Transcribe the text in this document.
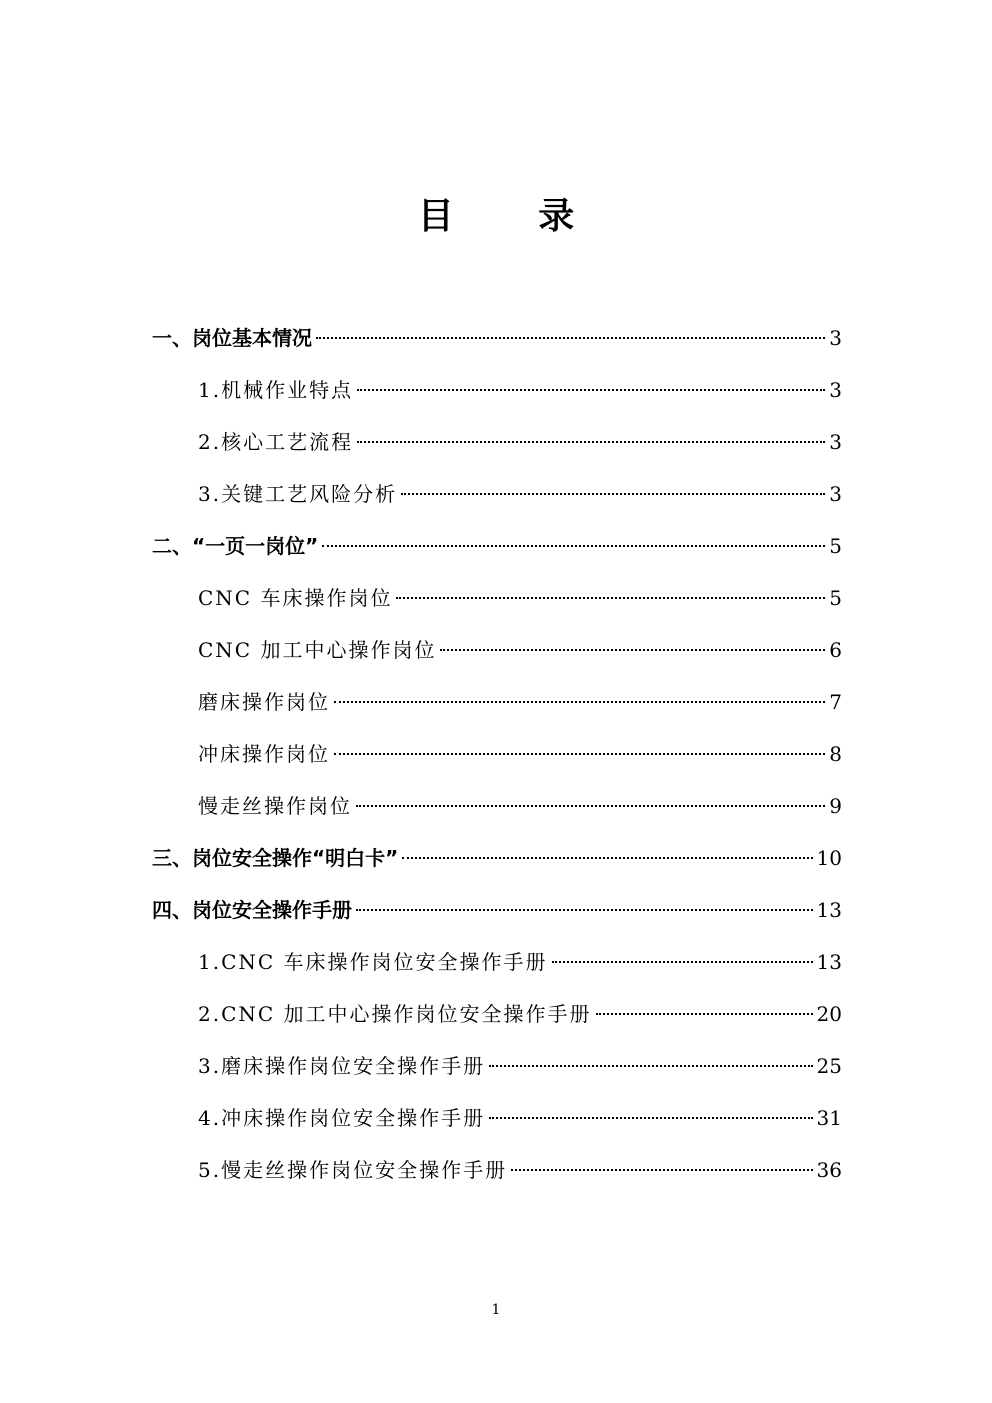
目 录
一、岗位基本情况	3
1.机械作业特点	3
2.核心工艺流程	3
3.关键工艺风险分析	3
二、“一页一岗位”	5
CNC 车床操作岗位	5
CNC 加工中心操作岗位	6
磨床操作岗位	7
冲床操作岗位	8
慢走丝操作岗位	9
三、岗位安全操作“明白卡”	10
四、岗位安全操作手册	13
1.CNC 车床操作岗位安全操作手册	13
2.CNC 加工中心操作岗位安全操作手册	20
3.磨床操作岗位安全操作手册	25
4.冲床操作岗位安全操作手册	31
5.慢走丝操作岗位安全操作手册	36
1
